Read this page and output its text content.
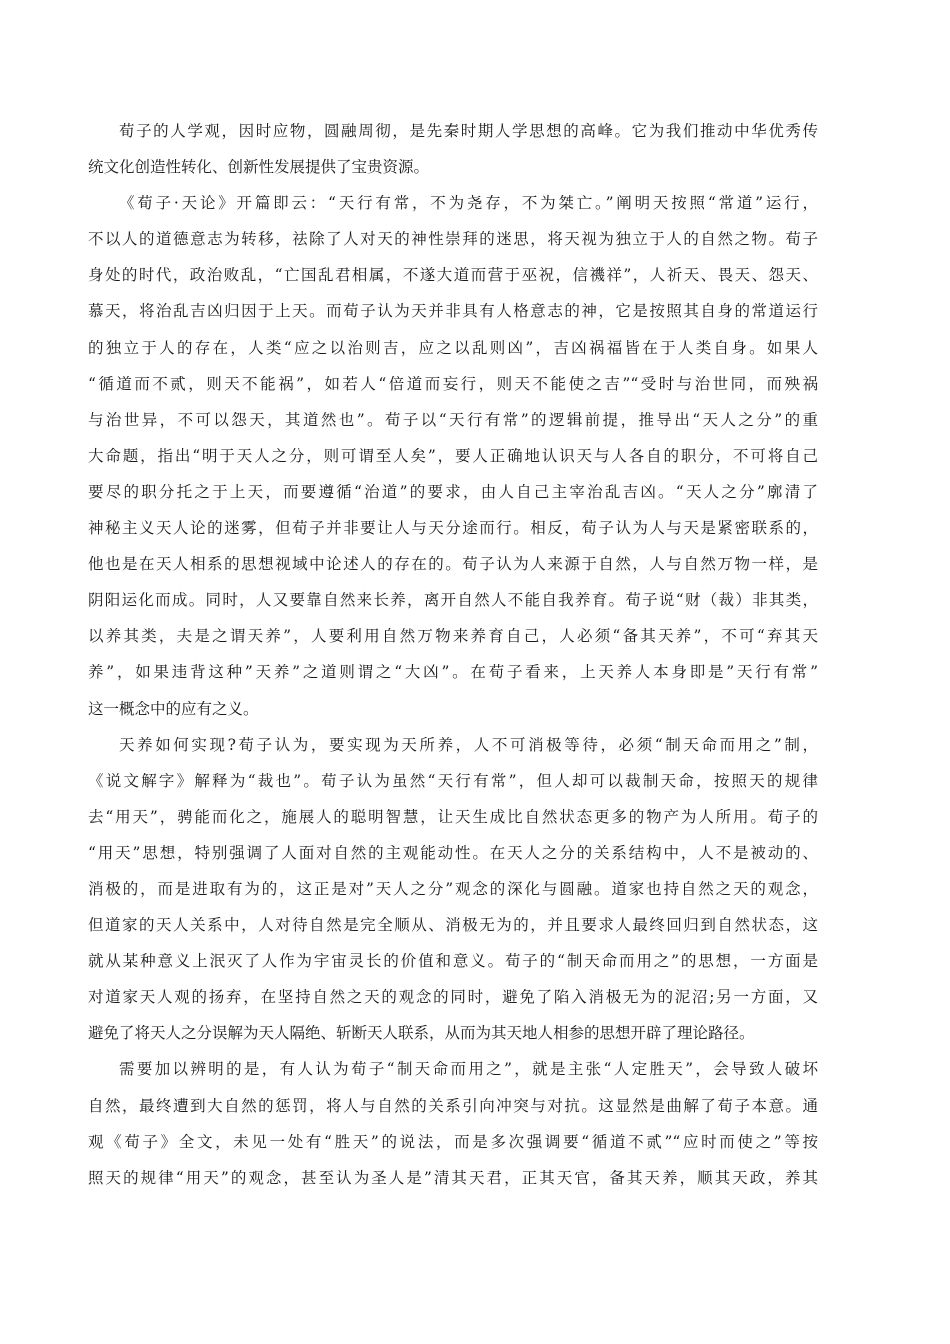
荀子的人学观，因时应物，圆融周彻，是先秦时期人学思想的高峰。它为我们推动中华优秀传
统文化创造性转化、创新性发展提供了宝贵资源。
《荀子·天论》开篇即云：“天行有常，不为尧存，不为桀亡。”阐明天按照“常道”运行，
不以人的道德意志为转移，祛除了人对天的神性崇拜的迷思，将天视为独立于人的自然之物。荀子
身处的时代，政治败乱，“亡国乱君相属，不遂大道而营于巫祝，信禨祥”，人祈天、畏天、怨天、
慕天，将治乱吉凶归因于上天。而荀子认为天并非具有人格意志的神，它是按照其自身的常道运行
的独立于人的存在，人类“应之以治则吉，应之以乱则凶”，吉凶祸福皆在于人类自身。如果人
“循道而不贰，则天不能祸”，如若人“倍道而妄行，则天不能使之吉”“受时与治世同，而殃祸
与治世异，不可以怨天，其道然也”。荀子以“天行有常”的逻辑前提，推导出“天人之分”的重
大命题，指出“明于天人之分，则可谓至人矣”，要人正确地认识天与人各自的职分，不可将自己
要尽的职分托之于上天，而要遵循“治道”的要求，由人自己主宰治乱吉凶。“天人之分”廓清了
神秘主义天人论的迷雾，但荀子并非要让人与天分途而行。相反，荀子认为人与天是紧密联系的，
他也是在天人相系的思想视域中论述人的存在的。荀子认为人来源于自然，人与自然万物一样，是
阴阳运化而成。同时，人又要靠自然来长养，离开自然人不能自我养育。荀子说“财（裁）非其类，
以养其类，夫是之谓天养”，人要利用自然万物来养育自己，人必须“备其天养”，不可“弃其天
养”，如果违背这种”天养”之道则谓之“大凶”。在荀子看来，上天养人本身即是”天行有常”
这一概念中的应有之义。
天养如何实现?荀子认为，要实现为天所养，人不可消极等待，必须“制天命而用之”制，
《说文解字》解释为“裁也”。荀子认为虽然“天行有常”，但人却可以裁制天命，按照天的规律
去“用天”，骋能而化之，施展人的聪明智慧，让天生成比自然状态更多的物产为人所用。荀子的
“用天”思想，特别强调了人面对自然的主观能动性。在天人之分的关系结构中，人不是被动的、
消极的，而是进取有为的，这正是对”天人之分”观念的深化与圆融。道家也持自然之天的观念，
但道家的天人关系中，人对待自然是完全顺从、消极无为的，并且要求人最终回归到自然状态，这
就从某种意义上泯灭了人作为宇宙灵长的价值和意义。荀子的“制天命而用之”的思想，一方面是
对道家天人观的扬弃，在坚持自然之天的观念的同时，避免了陷入消极无为的泥沼;另一方面，又
避免了将天人之分误解为天人隔绝、斩断天人联系，从而为其天地人相参的思想开辟了理论路径。
需要加以辨明的是，有人认为荀子“制天命而用之”，就是主张“人定胜天”，会导致人破坏
自然，最终遭到大自然的惩罚，将人与自然的关系引向冲突与对抗。这显然是曲解了荀子本意。通
观《荀子》全文，未见一处有“胜天”的说法，而是多次强调要“循道不贰”“应时而使之”等按
照天的规律“用天”的观念，甚至认为圣人是”清其天君，正其天官，备其天养，顺其天政，养其
